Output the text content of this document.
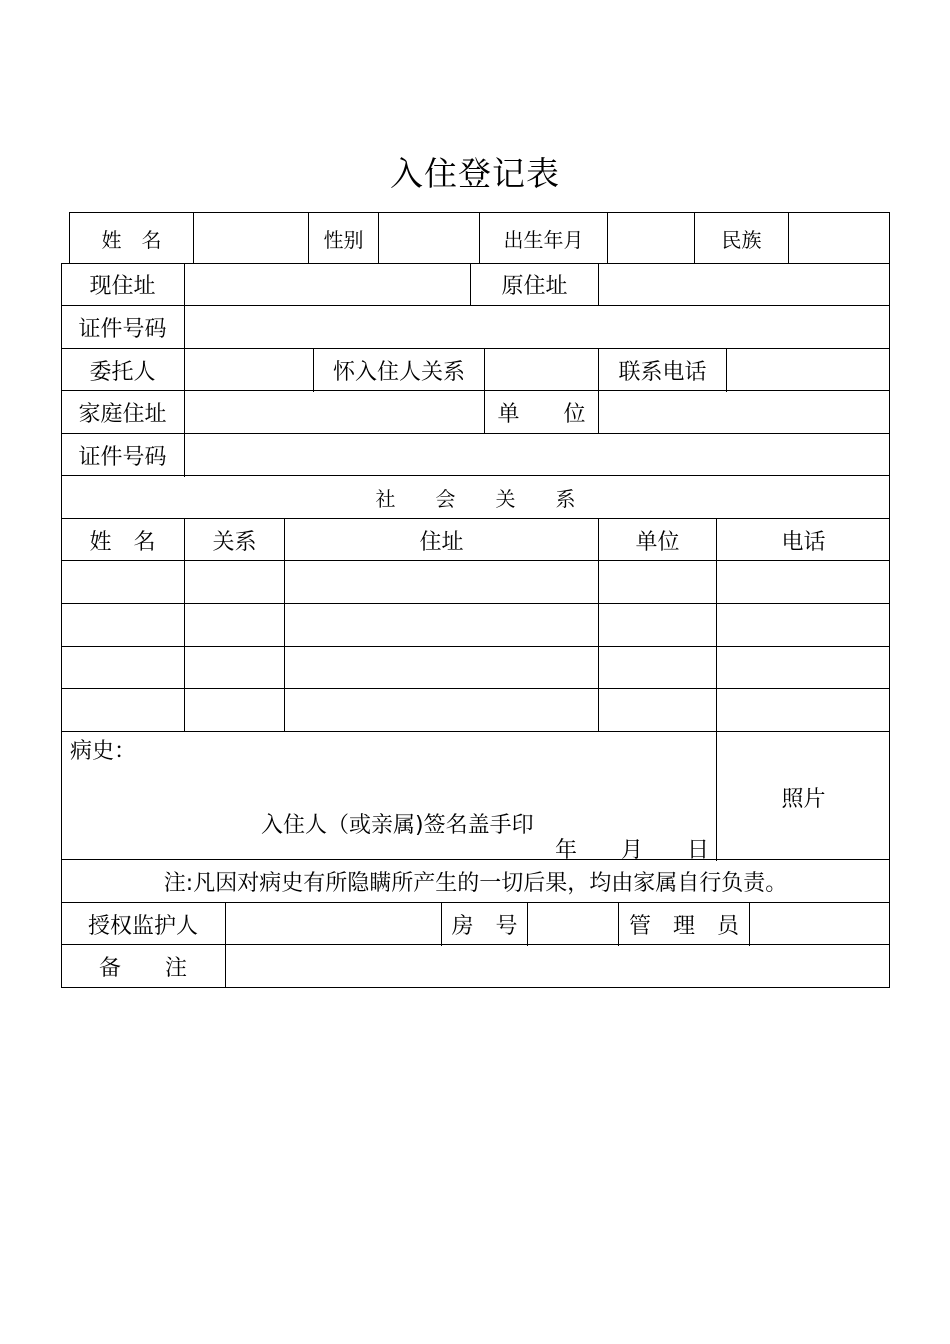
入住登记表
姓　名	性别	出生年月	民族
现住址	原住址
证件号码
委托人	怀入住人关系	联系电话
家庭住址	单　　位
证件号码
社　　会　　关　　系
姓　名	关系	住址	单位	电话
病史：
入住人（或亲属)签名盖手印
年　　月　　日
照片
注:凡因对病史有所隐瞒所产生的一切后果，均由家属自行负责。
授权监护人	房　号	管　理　员
备　　注
